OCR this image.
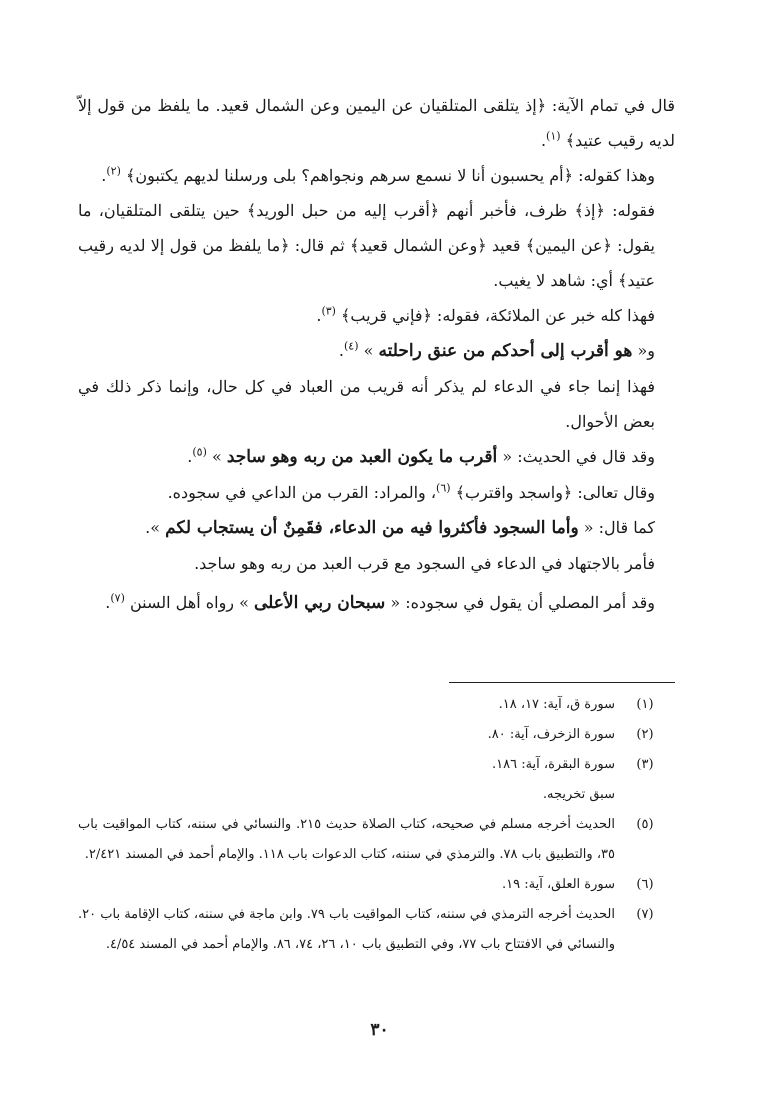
قال في تمام الآية: ﴿إذ يتلقى المتلقيان عن اليمين وعن الشمال قعيد. ما يلفظ من قول إلاّ لديه رقيب عتيد﴾ $^{(١)}$.

وهذا كقوله: ﴿أم يحسبون أنا لا نسمع سرهم ونجواهم؟ بلى ورسلنا لديهم يكتبون﴾ $^{(٢)}$.

فقوله: ﴿إذ﴾ ظرف، فأخبر أنهم ﴿أقرب إليه من حبل الوريد﴾ حين يتلقى المتلقيان، ما يقول: ﴿عن اليمين﴾ قعيد ﴿وعن الشمال قعيد﴾ ثم قال: ﴿ما يلفظ من قول إلا لديه رقيب عتيد﴾ أي: شاهد لا يغيب.

فهذا كله خبر عن الملائكة، فقوله: ﴿فإني قريب﴾ $^{(٣)}$.

و« هو أقرب إلى أحدكم من عنق راحلته » $^{(٤)}$.

فهذا إنما جاء في الدعاء لم يذكر أنه قريب من العباد في كل حال، وإنما ذكر ذلك في بعض الأحوال.

وقد قال في الحديث: « أقرب ما يكون العبد من ربه وهو ساجد » $^{(٥)}$.

وقال تعالى: ﴿واسجد واقترب﴾ $^{(٦)}$، والمراد: القرب من الداعي في سجوده.

كما قال: « وأما السجود فأكثروا فيه من الدعاء، فقَمِنٌ أن يستجاب لكم ».

فأمر بالاجتهاد في الدعاء في السجود مع قرب العبد من ربه وهو ساجد.

وقد أمر المصلي أن يقول في سجوده: « سبحان ربي الأعلى » رواه أهل السنن $^{(٧)}$.

(١)
سورة ق، آية: ١٧، ١٨.
(٢)
سورة الزخرف، آية: ٨٠.
(٣)
سورة البقرة، آية: ١٨٦.
سبق تخريجه.
(٥)
الحديث أخرجه مسلم في صحيحه، كتاب الصلاة حديث ٢١٥. والنسائي في سننه، كتاب المواقيت باب ٣٥، والتطبيق باب ٧٨. والترمذي في سننه، كتاب الدعوات باب ١١٨. والإمام أحمد في المسند ٢/٤٢١.
(٦)
سورة العلق، آية: ١٩.
(٧)
الحديث أخرجه الترمذي في سننه، كتاب المواقيت باب ٧٩. وابن ماجة في سننه، كتاب الإقامة باب ٢٠. والنسائي في الافتتاح باب ٧٧، وفي التطبيق باب ١٠، ٢٦، ٧٤، ٨٦. والإمام أحمد في المسند ٤/٥٤.
٣٠
